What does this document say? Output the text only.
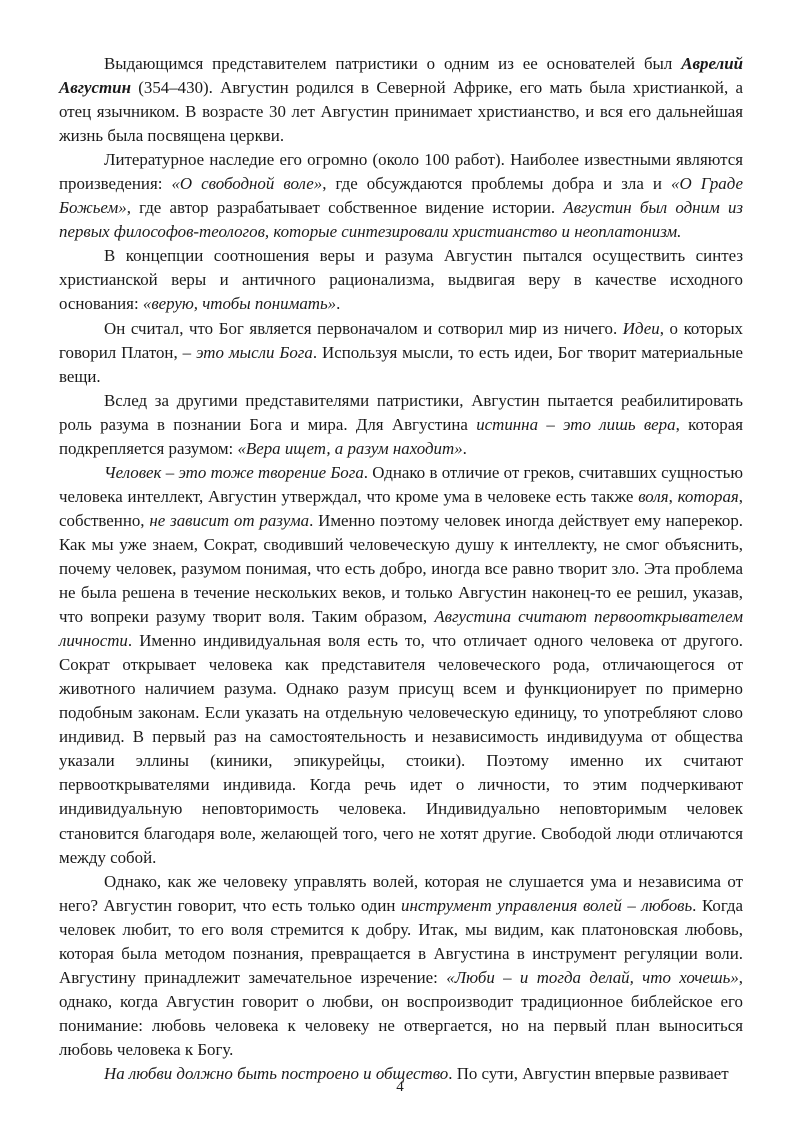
Выдающимся представителем патристики о одним из ее основателей был Аврелий Августин (354–430). Августин родился в Северной Африке, его мать была христианкой, а отец язычником. В возрасте 30 лет Августин принимает христианство, и вся его дальнейшая жизнь была посвящена церкви.

Литературное наследие его огромно (около 100 работ). Наиболее известными являются произведения: «О свободной воле», где обсуждаются проблемы добра и зла и «О Граде Божьем», где автор разрабатывает собственное видение истории. Августин был одним из первых философов-теологов, которые синтезировали христианство и неоплатонизм.

В концепции соотношения веры и разума Августин пытался осуществить синтез христианской веры и античного рационализма, выдвигая веру в качестве исходного основания: «верую, чтобы понимать».

Он считал, что Бог является первоначалом и сотворил мир из ничего. Идеи, о которых говорил Платон, – это мысли Бога. Используя мысли, то есть идеи, Бог творит материальные вещи.

Вслед за другими представителями патристики, Августин пытается реабилитировать роль разума в познании Бога и мира. Для Августина истинна – это лишь вера, которая подкрепляется разумом: «Вера ищет, а разум находит».

Человек – это тоже творение Бога. Однако в отличие от греков, считавших сущностью человека интеллект, Августин утверждал, что кроме ума в человеке есть также воля, которая, собственно, не зависит от разума. Именно поэтому человек иногда действует ему наперекор. Как мы уже знаем, Сократ, сводивший человеческую душу к интеллекту, не смог объяснить, почему человек, разумом понимая, что есть добро, иногда все равно творит зло. Эта проблема не была решена в течение нескольких веков, и только Августин наконец-то ее решил, указав, что вопреки разуму творит воля. Таким образом, Августина считают первооткрывателем личности. Именно индивидуальная воля есть то, что отличает одного человека от другого. Сократ открывает человека как представителя человеческого рода, отличающегося от животного наличием разума. Однако разум присущ всем и функционирует по примерно подобным законам. Если указать на отдельную человеческую единицу, то употребляют слово индивид. В первый раз на самостоятельность и независимость индивидуума от общества указали эллины (киники, эпикурейцы, стоики). Поэтому именно их считают первооткрывателями индивида. Когда речь идет о личности, то этим подчеркивают индивидуальную неповторимость человека. Индивидуально неповторимым человек становится благодаря воле, желающей того, чего не хотят другие. Свободой люди отличаются между собой.

Однако, как же человеку управлять волей, которая не слушается ума и независима от него? Августин говорит, что есть только один инструмент управления волей – любовь. Когда человек любит, то его воля стремится к добру. Итак, мы видим, как платоновская любовь, которая была методом познания, превращается в Августина в инструмент регуляции воли. Августину принадлежит замечательное изречение: «Люби – и тогда делай, что хочешь», однако, когда Августин говорит о любви, он воспроизводит традиционное библейское его понимание: любовь человека к человеку не отвергается, но на первый план выноситься любовь человека к Богу.

На любви должно быть построено и общество. По сути, Августин впервые развивает

4
